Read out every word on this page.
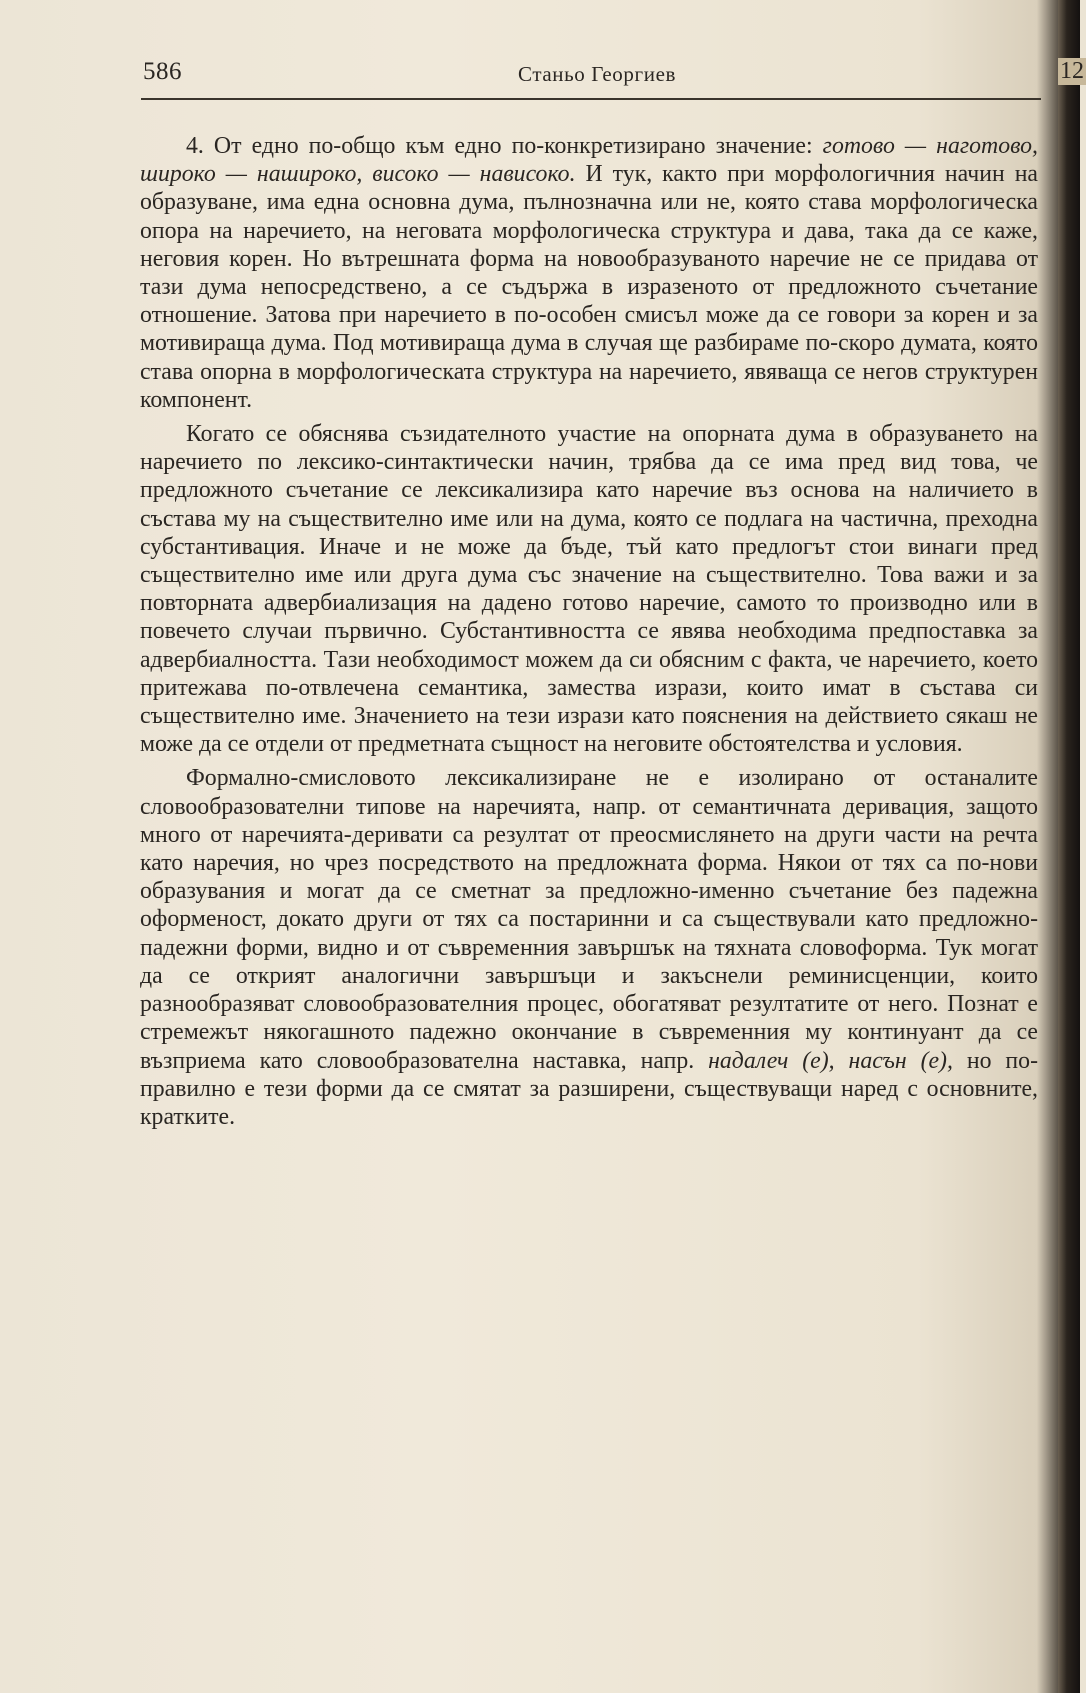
586	Станьо Георгиев	12

4. От едно по-общо към едно по-конкретизирано значение: готово — наготово, широко — нашироко, високо — нависоко. И тук, както при морфологичния начин на образуване, има една основна дума, пълнозначна или не, която става морфологическа опора на наречието, на неговата морфологическа структура и дава, така да се каже, неговия корен. Но вътрешната форма на новообразуваното наречие не се придава от тази дума непосредствено, а се съдържа в изразеното от предложното съчетание отношение. Затова при наречието в по-особен смисъл може да се говори за корен и за мотивираща дума. Под мотивираща дума в случая ще разбираме по-скоро думата, която става опорна в морфологическата структура на наречието, явяваща се негов структурен компонент.

Когато се обяснява съзидателното участие на опорната дума в образуването на наречието по лексико-синтактически начин, трябва да се има пред вид това, че предложното съчетание се лексикализира като наречие въз основа на наличието в състава му на съществително име или на дума, която се подлага на частична, преходна субстантивация. Иначе и не може да бъде, тъй като предлогът стои винаги пред съществително име или друга дума със значение на съществително. Това важи и за повторната адвербиализация на дадено готово наречие, самото то производно или в повечето случаи първично. Субстантивността се явява необходима предпоставка за адвербиалността. Тази необходимост можем да си обясним с факта, че наречието, което притежава по-отвлечена семантика, замества изрази, които имат в състава си съществително име. Значението на тези изрази като пояснения на действието сякаш не може да се отдели от предметната същност на неговите обстоятелства и условия.

Формално-смисловото лексикализиране не е изолирано от останалите словообразователни типове на наречията, напр. от семантичната деривация, защото много от наречията-деривати са резултат от преосмислянето на други части на речта като наречия, но чрез посредството на предложната форма. Някои от тях са по-нови образувания и могат да се сметнат за предложно-именно съчетание без падежна оформеност, докато други от тях са постаринни и са съществували като предложно-падежни форми, видно и от съвременния завършък на тяхната словоформа. Тук могат да се открият аналогични завършъци и закъснели реминисценции, които разнообразяват словообразователния процес, обогатяват резултатите от него. Познат е стремежът някогашното падежно окончание в съвременния му континуант да се възприема като словообразователна наставка, напр. надалеч (е), насън (е), но по-правилно е тези форми да се смятат за разширени, съществуващи наред с основните, кратките.
